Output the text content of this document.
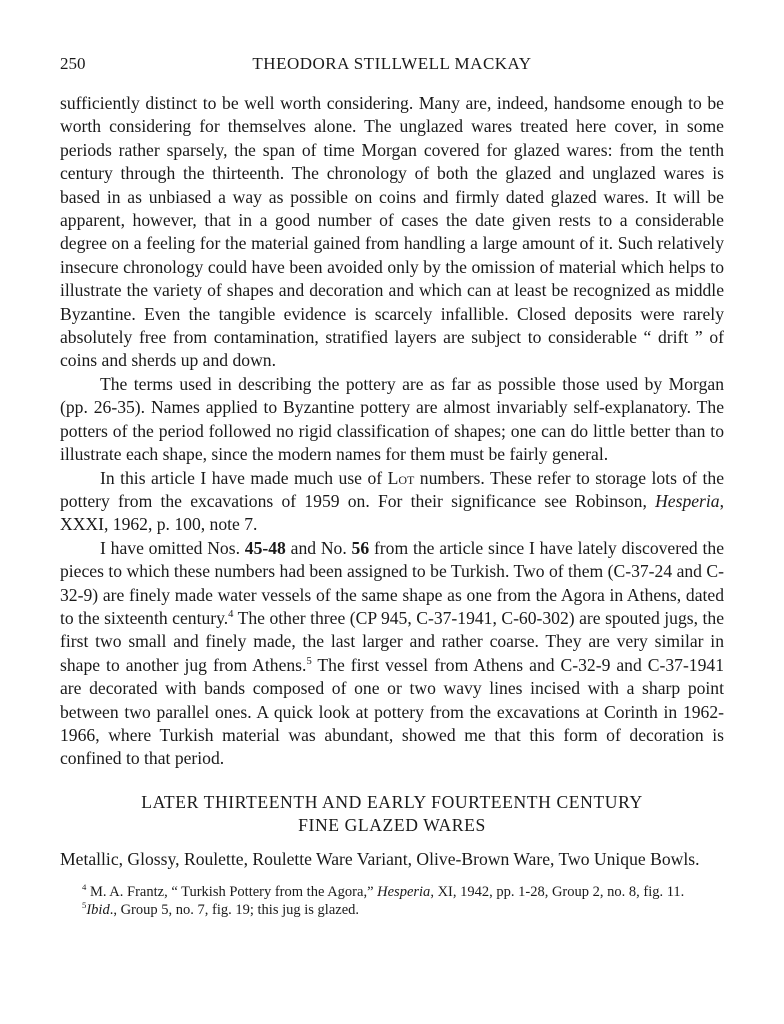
250	THEODORA STILLWELL MACKAY

sufficiently distinct to be well worth considering. Many are, indeed, handsome enough to be worth considering for themselves alone. The unglazed wares treated here cover, in some periods rather sparsely, the span of time Morgan covered for glazed wares: from the tenth century through the thirteenth. The chronology of both the glazed and unglazed wares is based in as unbiased a way as possible on coins and firmly dated glazed wares. It will be apparent, however, that in a good number of cases the date given rests to a considerable degree on a feeling for the material gained from handling a large amount of it. Such relatively insecure chronology could have been avoided only by the omission of material which helps to illustrate the variety of shapes and decoration and which can at least be recognized as middle Byzantine. Even the tangible evidence is scarcely infallible. Closed deposits were rarely absolutely free from contamination, stratified layers are subject to considerable “ drift ” of coins and sherds up and down.

The terms used in describing the pottery are as far as possible those used by Morgan (pp. 26-35). Names applied to Byzantine pottery are almost invariably self-explanatory. The potters of the period followed no rigid classification of shapes; one can do little better than to illustrate each shape, since the modern names for them must be fairly general.

In this article I have made much use of Lot numbers. These refer to storage lots of the pottery from the excavations of 1959 on. For their significance see Robinson, Hesperia, XXXI, 1962, p. 100, note 7.

I have omitted Nos. 45-48 and No. 56 from the article since I have lately discovered the pieces to which these numbers had been assigned to be Turkish. Two of them (C-37-24 and C-32-9) are finely made water vessels of the same shape as one from the Agora in Athens, dated to the sixteenth century.$^4$ The other three (CP 945, C-37-1941, C-60-302) are spouted jugs, the first two small and finely made, the last larger and rather coarse. They are very similar in shape to another jug from Athens.$^5$ The first vessel from Athens and C-32-9 and C-37-1941 are decorated with bands composed of one or two wavy lines incised with a sharp point between two parallel ones. A quick look at pottery from the excavations at Corinth in 1962-1966, where Turkish material was abundant, showed me that this form of decoration is confined to that period.

LATER THIRTEENTH AND EARLY FOURTEENTH CENTURY
FINE GLAZED WARES
Metallic, Glossy, Roulette, Roulette Ware Variant, Olive-Brown Ware, Two Unique Bowls.

$^4$ M. A. Frantz, “ Turkish Pottery from the Agora,” Hesperia, XI, 1942, pp. 1-28, Group 2, no. 8, fig. 11.

$^5$Ibid., Group 5, no. 7, fig. 19; this jug is glazed.
